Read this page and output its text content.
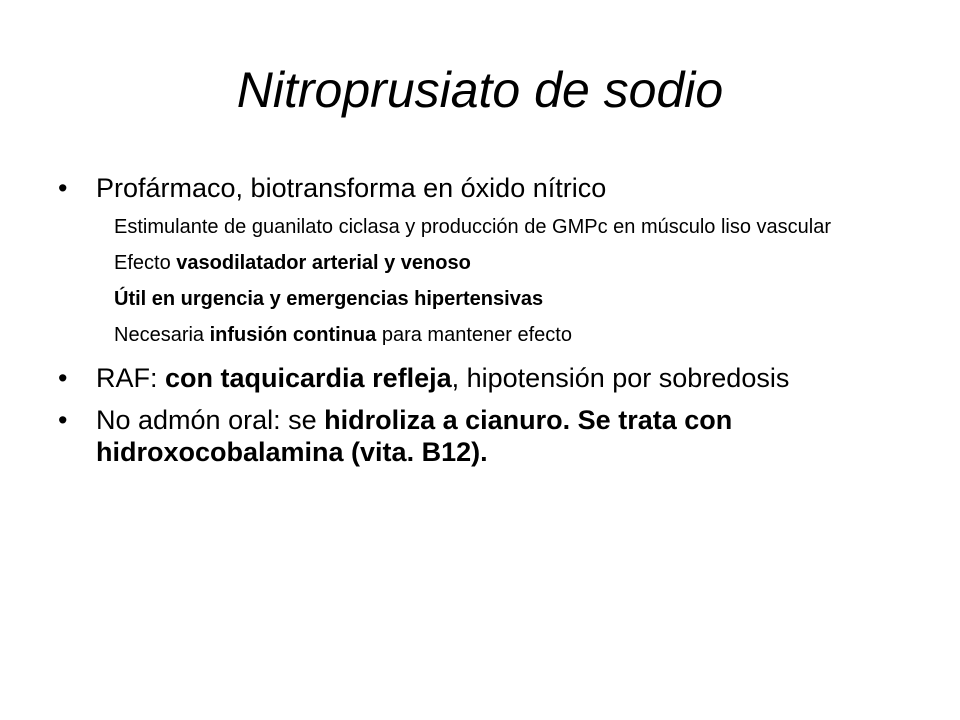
Nitroprusiato de sodio
• Profármaco, biotransforma en óxido nítrico
Estimulante de guanilato ciclasa y producción de GMPc en músculo liso vascular
Efecto vasodilatador arterial y venoso
Útil en urgencia y emergencias hipertensivas
Necesaria infusión continua para mantener efecto
• RAF: con taquicardia refleja, hipotensión por sobredosis
• No admón oral: se hidroliza a cianuro. Se trata con hidroxocobalamina (vita. B12).
